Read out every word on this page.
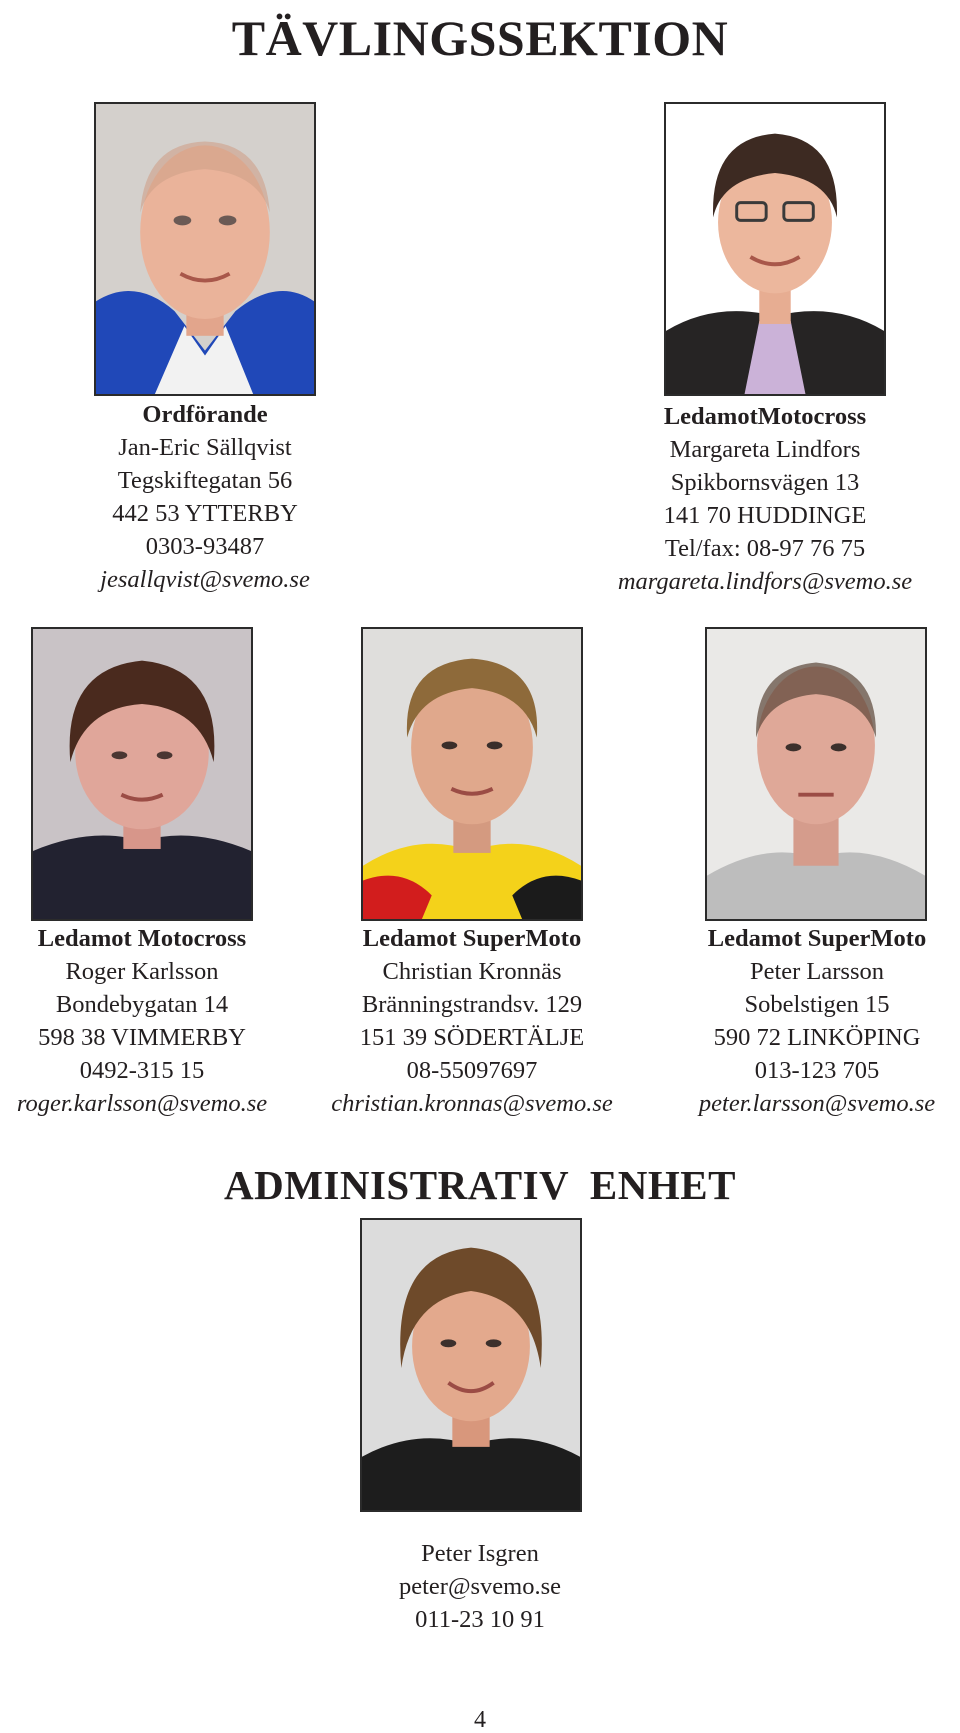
TÄVLINGSSEKTION
Ordförande
Jan-Eric Sällqvist
Tegskiftegatan 56
442 53 YTTERBY
0303-93487
jesallqvist@svemo.se
LedamotMotocross
Margareta Lindfors
Spikbornsvägen 13
141 70 HUDDINGE
Tel/fax: 08-97 76 75
margareta.lindfors@svemo.se
Ledamot Motocross
Roger Karlsson
Bondebygatan 14
598 38 VIMMERBY
0492-315 15
roger.karlsson@svemo.se
Ledamot SuperMoto
Christian Kronnäs
Bränningstrandsv. 129
151 39 SÖDERTÄLJE
08-55097697
christian.kronnas@svemo.se
Ledamot SuperMoto
Peter Larsson
Sobelstigen 15
590 72 LINKÖPING
013-123 705
peter.larsson@svemo.se
ADMINISTRATIV  ENHET
Peter Isgren
peter@svemo.se
011-23 10 91
4
